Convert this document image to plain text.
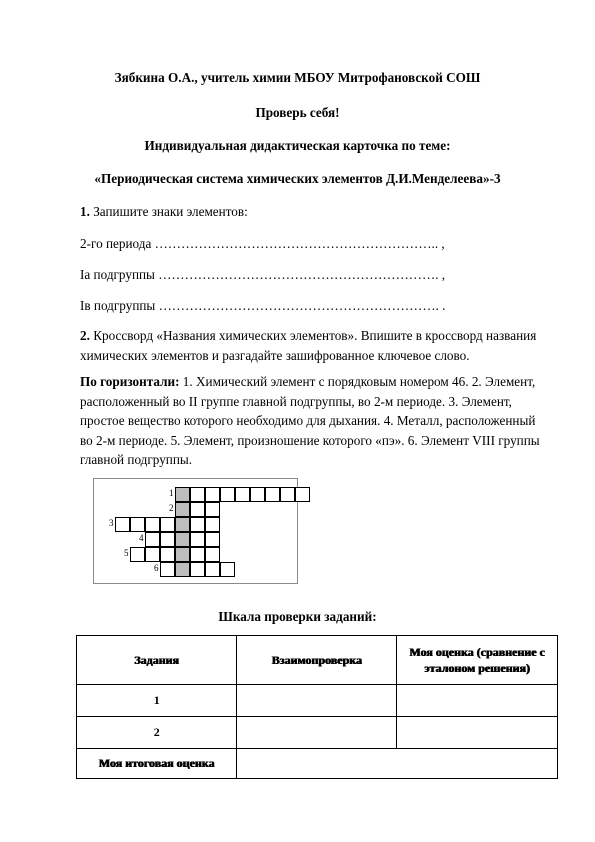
Зябкина О.А., учитель химии МБОУ Митрофановской СОШ
Проверь себя!
Индивидуальная дидактическая карточка по теме:
«Периодическая система химических элементов Д.И.Менделеева»-3
1. Запишите знаки элементов:
2-го периода ……………………………………………………….. ,
Iа подгруппы ………………………………………………………. ,
Iв подгруппы ………………………………………………………. .
2. Кроссворд «Названия химических элементов». Впишите в кроссворд названия химических элементов и разгадайте зашифрованное ключевое слово.
По горизонтали: 1. Химический элемент с порядковым номером 46. 2. Элемент, расположенный во II группе главной подгруппы, во 2-м периоде. 3. Элемент, простое вещество которого необходимо для дыхания. 4. Металл, расположенный во 2-м периоде. 5. Элемент, произношение которого «пэ». 6. Элемент VIII группы главной подгруппы.
1
2
3
4
5
6
Шкала проверки заданий:
Задания	Взаимопроверка	Моя оценка (сравнение с эталоном решения)
1		
2		
Моя итоговая оценка		
